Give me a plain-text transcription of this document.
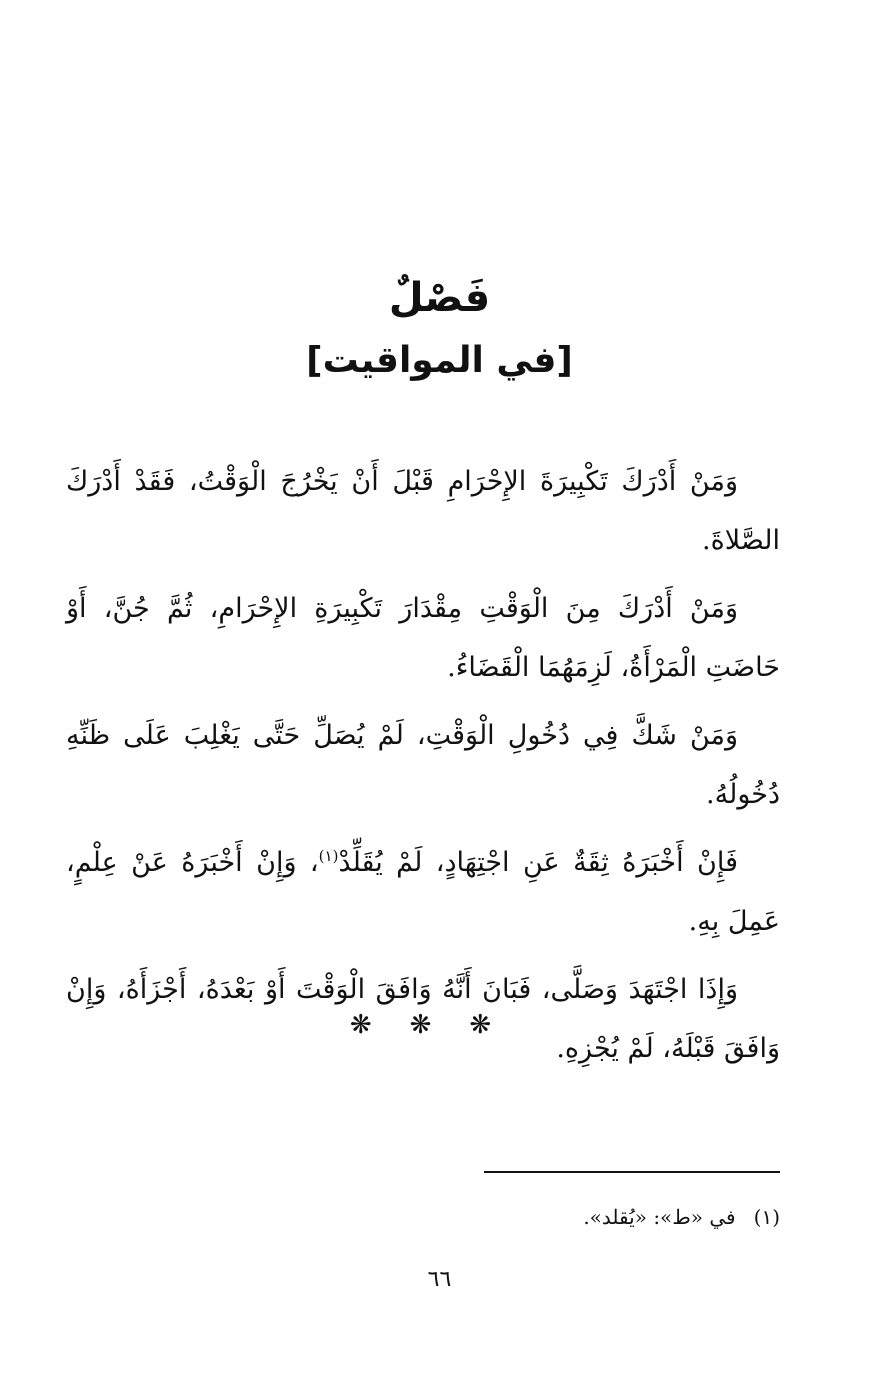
فَصْلٌ
[في المواقيت]

وَمَنْ أَدْرَكَ تَكْبِيرَةَ الإِحْرَامِ قَبْلَ أَنْ يَخْرُجَ الْوَقْتُ، فَقَدْ أَدْرَكَ الصَّلاةَ.

وَمَنْ أَدْرَكَ مِنَ الْوَقْتِ مِقْدَارَ تَكْبِيرَةِ الإِحْرَامِ، ثُمَّ جُنَّ، أَوْ حَاضَتِ الْمَرْأَةُ، لَزِمَهُمَا الْقَضَاءُ.

وَمَنْ شَكَّ فِي دُخُولِ الْوَقْتِ، لَمْ يُصَلِّ حَتَّى يَغْلِبَ عَلَى ظَنِّهِ دُخُولُهُ.

فَإِنْ أَخْبَرَهُ ثِقَةٌ عَنِ اجْتِهَادٍ، لَمْ يُقَلِّدْ$^{(١)}$، وَإِنْ أَخْبَرَهُ عَنْ عِلْمٍ، عَمِلَ بِهِ.

وَإِذَا اجْتَهَدَ وَصَلَّى، فَبَانَ أَنَّهُ وَافَقَ الْوَقْتَ أَوْ بَعْدَهُ، أَجْزَأَهُ، وَإِنْ وَافَقَ قَبْلَهُ، لَمْ يُجْزِهِ.

❋❋❋
(١)في «ط»: «يُقلد».
٦٦
